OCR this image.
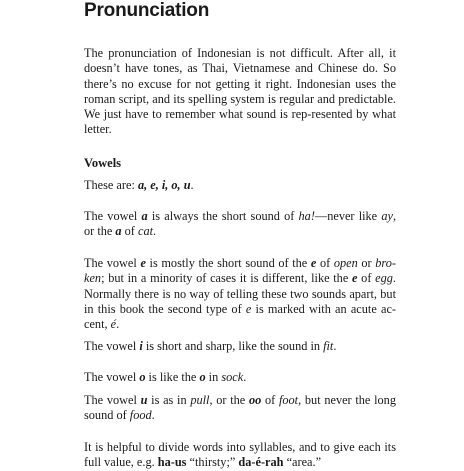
Pronunciation

The pronunciation of Indonesian is not difficult. After all, it doesn’t have tones, as Thai, Vietnamese and Chinese do. So there’s no excuse for not getting it right. Indonesian uses the roman script, and its spelling system is regular and predictable. We just have to remember what sound is rep-resented by what letter.

Vowels

These are: a, e, i, o, u.

The vowel a is always the short sound of ha!—never like ay, or the a of cat.

The vowel e is mostly the short sound of the e of open or bro-ken; but in a minority of cases it is different, like the e of egg. Normally there is no way of telling these two sounds apart, but in this book the second type of e is marked with an acute ac-cent, é.

The vowel i is short and sharp, like the sound in fit.

The vowel o is like the o in sock.

The vowel u is as in pull, or the oo of foot, but never the long sound of food.

It is helpful to divide words into syllables, and to give each its full value, e.g. ha-us “thirsty;” da-é-rah “area.”
